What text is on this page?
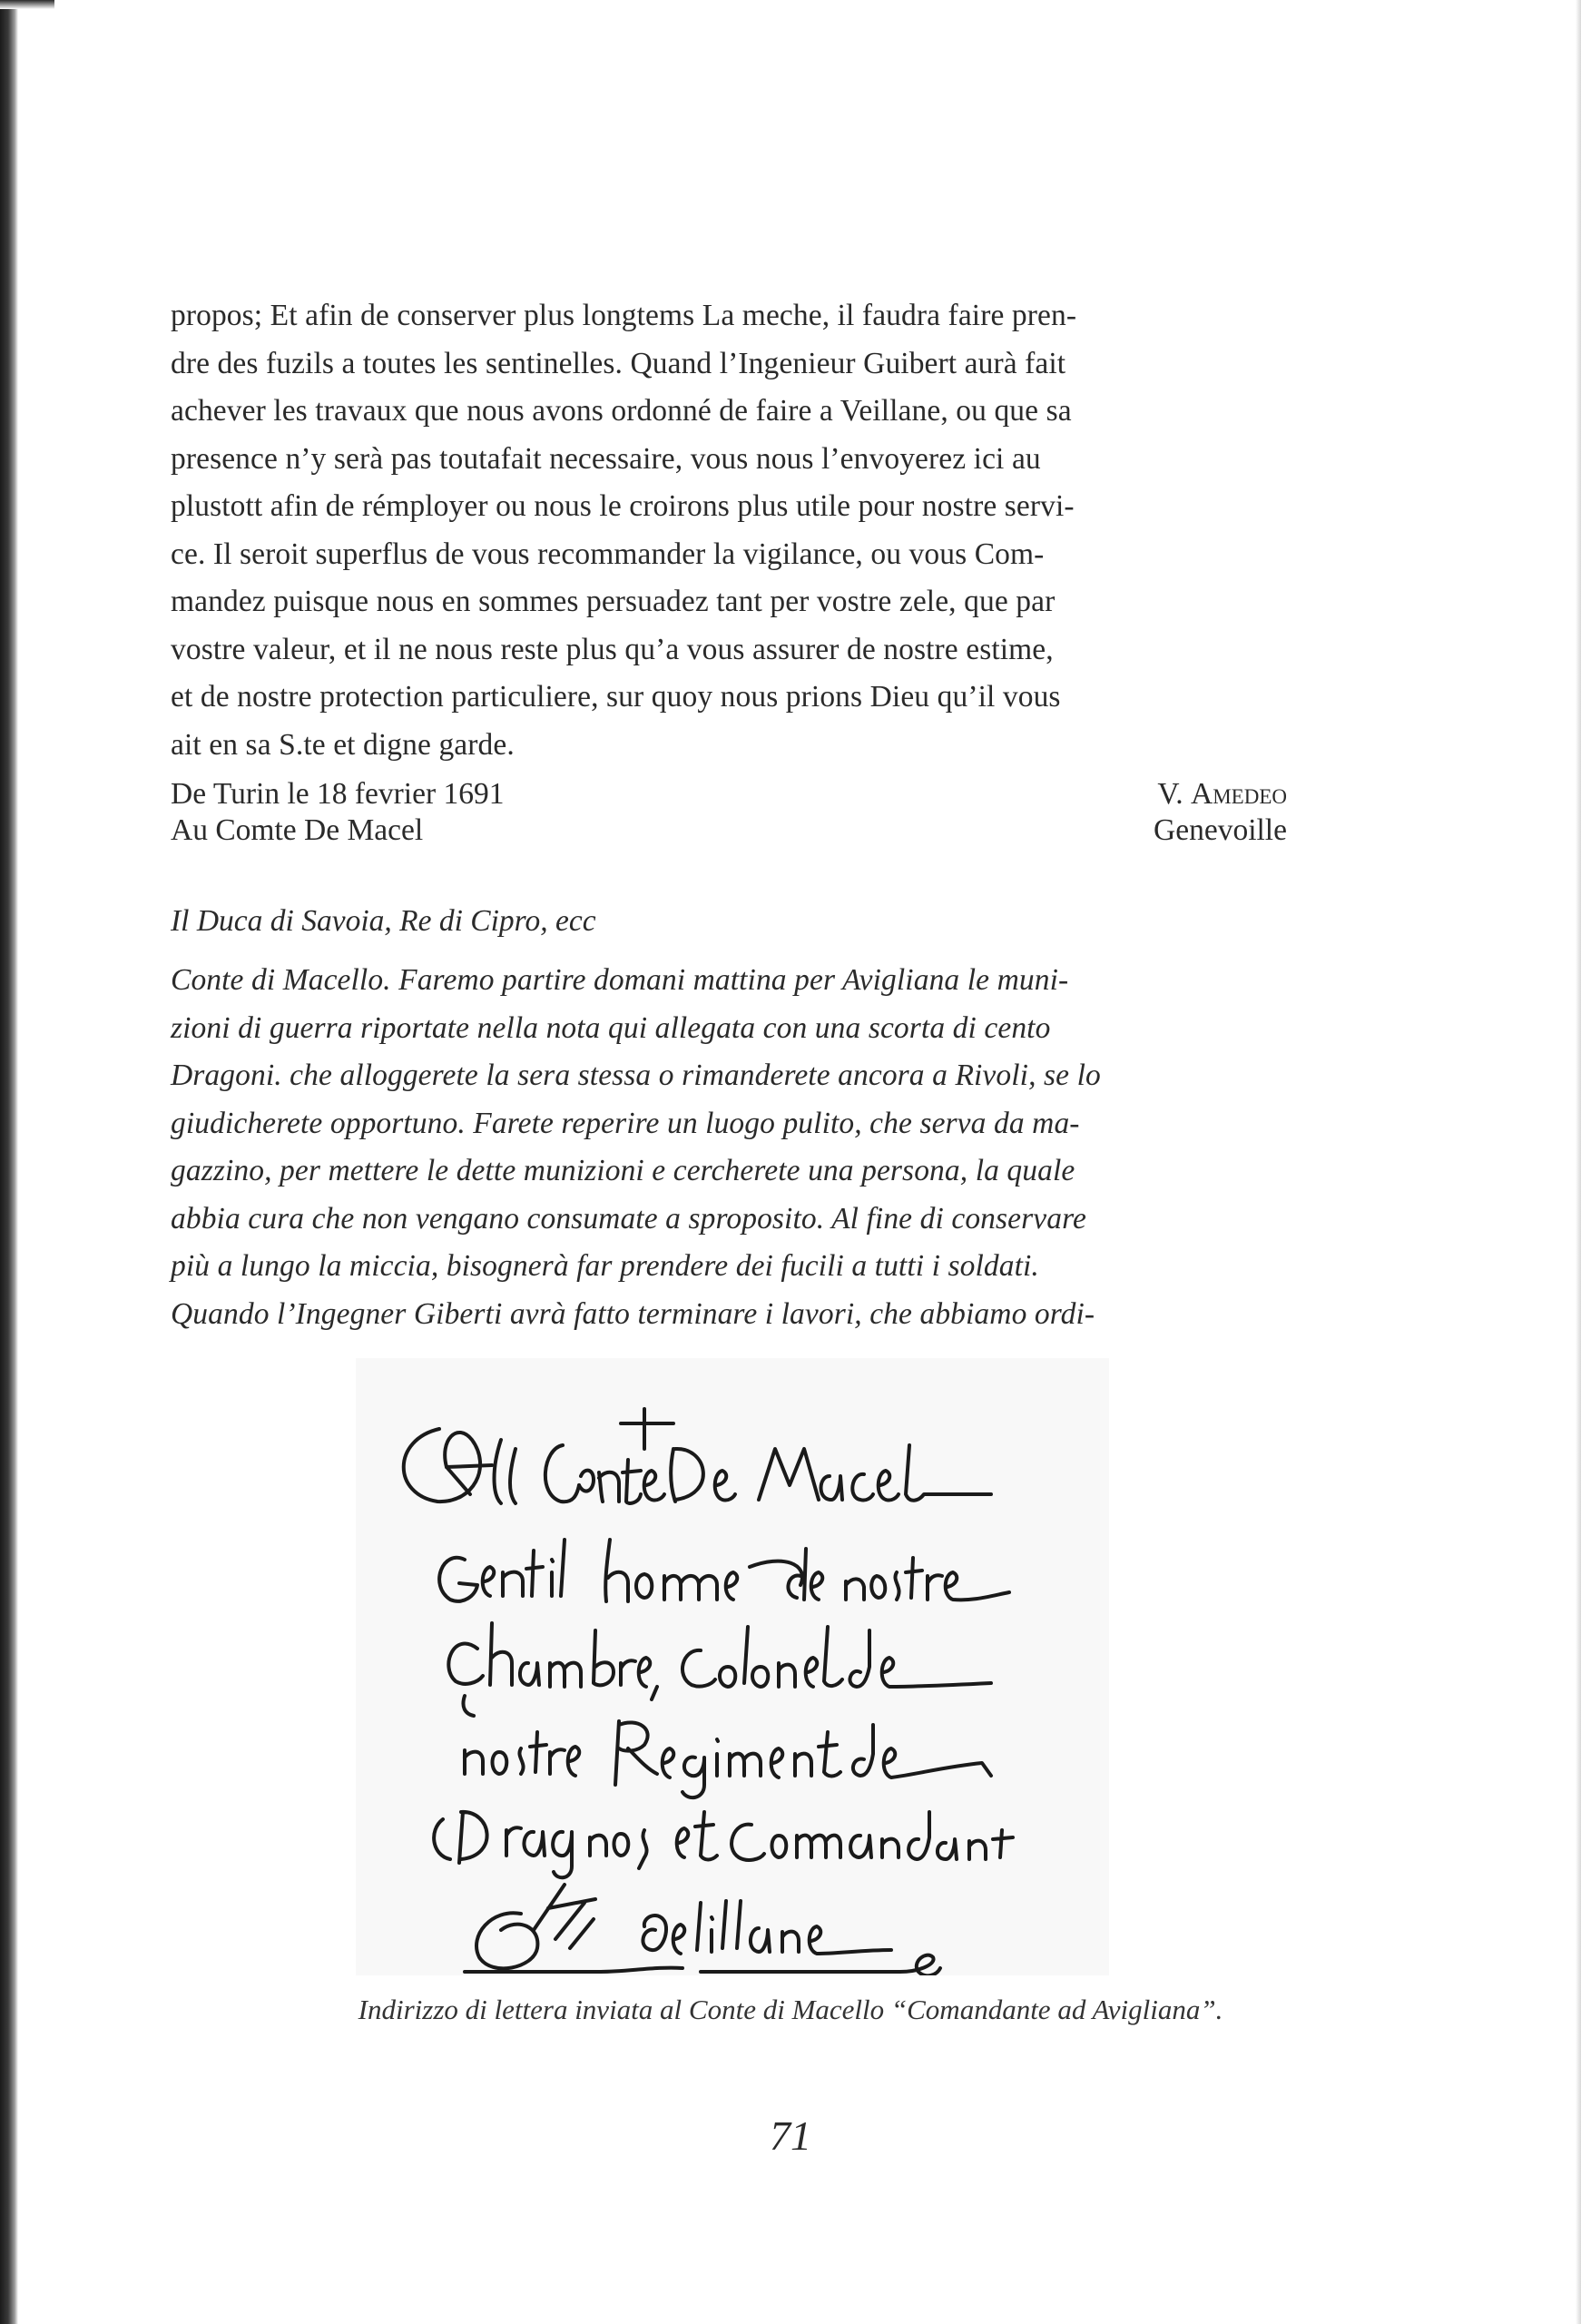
propos; Et afin de conserver plus longtems La meche, il faudra faire pren-
dre des fuzils a toutes les sentinelles. Quand l’Ingenieur Guibert aurà fait
achever les travaux que nous avons ordonné de faire a Veillane, ou que sa
presence n’y serà pas toutafait necessaire, vous nous l’envoyerez ici au
plustott afin de rémployer ou nous le croirons plus utile pour nostre servi-
ce. Il seroit superflus de vous recommander la vigilance, ou vous Com-
mandez puisque nous en sommes persuadez tant per vostre zele, que par
vostre valeur, et il ne nous reste plus qu’a vous assurer de nostre estime,
et de nostre protection particuliere, sur quoy nous prions Dieu qu’il vous
ait en sa S.te et digne garde.
De Turin le 18 fevrier 1691	V. Amedeo
Au Comte De Macel	Genevoille
Il Duca di Savoia, Re di Cipro, ecc
Conte di Macello. Faremo partire domani mattina per Avigliana le muni-
zioni di guerra riportate nella nota qui allegata con una scorta di cento
Dragoni. che alloggerete la sera stessa o rimanderete ancora a Rivoli, se lo
giudicherete opportuno. Farete reperire un luogo pulito, che serva da ma-
gazzino, per mettere le dette munizioni e cercherete una persona, la quale
abbia cura che non vengano consumate a sproposito. Al fine di conservare
più a lungo la miccia, bisognerà far prendere dei fucili a tutti i soldati.
Quando l’Ingegner Giberti avrà fatto terminare i lavori, che abbiamo ordi-
Indirizzo di lettera inviata al Conte di Macello “Comandante ad Avigliana”.
71
